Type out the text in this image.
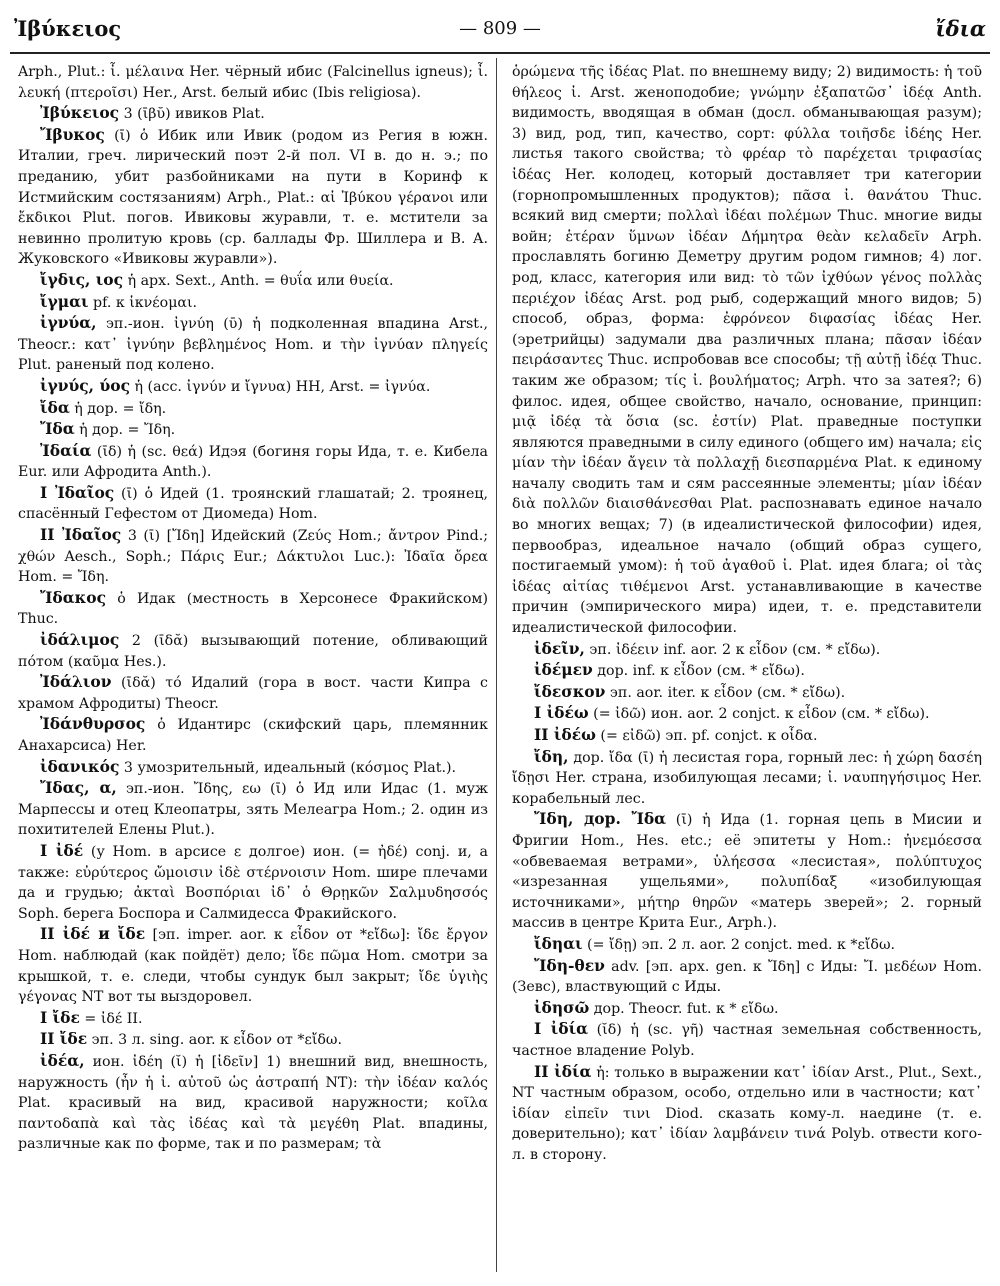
Ἰβύκειος	— 809 —	ἴδια

Arph., Plut.: ἶ. μέλαινα Her. чёрный ибис (Falcinellus igneus); ἶ. λευκή (πτεροῖσι) Her., Arst. белый ибис (Ibis religiosa).

Ἰβύκειος 3 (ῑβῠ) ивиков Plat.

Ἴβυκος (ῑ) ὁ Ибик или Ивик (родом из Регия в южн. Италии, греч. лирический поэт 2-й пол. VI в. до н. э.; по преданию, убит разбойниками на пути в Коринф к Истмийским состязаниям) Arph., Plat.: αἱ Ἰβύκου γέρανοι или ἔκδικοι Plut. погов. Ивиковы журавли, т. е. мстители за невинно пролитую кровь (ср. баллады Фр. Шиллера и В. А. Жуковского «Ивиковы журавли»).

ἴγδις, ιος ἡ арх. Sext., Anth. = θυΐα или θυεία.

ἴγμαι pf. к ἱκνέομαι.

ἰγνύα, эп.-ион. ἰγνύη (ῡ) ἡ подколенная впадина Arst., Theocr.: κατ᾽ ἰγνύην βεβλημένος Hom. и τὴν ἰγνύαν πληγείς Plut. раненый под колено.

ἰγνύς, ύος ἡ (асс. ἰγνύν и ἴγνυα) HH, Arst. = ἰγνύα.

ἴδα ἡ дор. = ἴδη.

Ἴδα ἡ дор. = Ἴδη.

Ἰδαία (ῑδ) ἡ (sc. θεά) Идэя (богиня горы Ида, т. е. Кибела Eur. или Афродита Anth.).

I Ἰδαῖος (ῑ) ὁ Идей (1. троянский глашатай; 2. троянец, спасённый Гефестом от Диомеда) Hom.

II Ἰδαῖος 3 (ῑ) [Ἴδη] Идейский (Ζεύς Hom.; ἄντρον Pind.; χθών Aesch., Soph.; Πάρις Eur.; Δάκτυλοι Luc.): Ἰδαῖα ὄρεα Hom. = Ἴδη.

Ἴδακος ὁ Идак (местность в Херсонесе Фракийском) Thuc.

ἰδάλιμος 2 (ῑδᾰ) вызывающий потение, обливающий пóтом (καῦμα Hes.).

Ἰδάλιον (ῑδᾰ) τό Идалий (гора в вост. части Кипра с храмом Афродиты) Theocr.

Ἰδάνθυρσος ὁ Идантирс (скифский царь, племянник Анахарсиса) Her.

ἰδανικός 3 умозрительный, идеальный (κόσμος Plat.).

Ἴδας, α, эп.-ион. Ἴδης, εω (ῑ) ὁ Ид или Идас (1. муж Марпессы и отец Клеопатры, зять Мелеагра Hom.; 2. один из похитителей Елены Plut.).

I ἰδέ (у Hom. в арсисе ε долгое) ион. (= ἠδέ) conj. и, а также: εὐρύτερος ὤμοισιν ἰδὲ στέρνοισιν Hom. шире плечами да и грудью; ἀκταὶ Βοσπόριαι ἰδ᾽ ὁ Θρῃκῶν Σαλμυδησσός Soph. берега Боспора и Салмидесса Фракийского.

II ἰδέ и ἴδε [эп. imper. aor. к εἶδον от *εἴδω]: ἴδε ἔργον Hom. наблюдай (как пойдёт) дело; ἴδε πῶμα Hom. смотри за крышкой, т. е. следи, чтобы сундук был закрыт; ἴδε ὑγιὴς γέγονας NT вот ты выздоровел.

I ἴδε = ἰδέ II.

II ἴδε эп. 3 л. sing. aor. к εἶδον от *εἴδω.

ἰδέα, ион. ἰδέη (ῐ) ἡ [ἰδεῖν] 1) внешний вид, внешность, наружность (ἦν ἡ ἰ. αὐτοῦ ὡς ἀστραπή NT): τὴν ἰδέαν καλός Plat. красивый на вид, красивой наружности; κοῖλα παντοδαπὰ καὶ τὰς ἰδέας καὶ τὰ μεγέθη Plat. впадины, различные как по форме, так и по размерам; τὰ

ὁρώμενα τῆς ἰδέας Plat. по внешнему виду; 2) видимость: ἡ τοῦ θήλεος ἰ. Arst. женоподобие; γνώμην ἐξαπατῶσ᾽ ἰδέᾳ Anth. видимость, вводящая в обман (досл. обманывающая разум); 3) вид, род, тип, качество, сорт: φύλλα τοιῆσδε ἰδέης Her. листья такого свойства; τὸ φρέαρ τὸ παρέχεται τριφασίας ἰδέας Her. колодец, который доставляет три категории (горнопромышленных продуктов); πᾶσα ἰ. θανάτου Thuc. всякий вид смерти; πολλαὶ ἰδέαι πολέμων Thuc. многие виды войн; ἑτέραν ὕμνων ἰδέαν Δήμητρα θεὰν κελαδεῖν Arph. прославлять богиню Деметру другим родом гимнов; 4) лог. род, класс, категория или вид: τὸ τῶν ἰχθύων γένος πολλὰς περιέχον ἰδέας Arst. род рыб, содержащий много видов; 5) способ, образ, форма: ἐφρόνεον διφασίας ἰδέας Her. (эретрийцы) задумали два различных плана; πᾶσαν ἰδέαν πειράσαντες Thuc. испробовав все способы; τῇ αὐτῇ ἰδέᾳ Thuc. таким же образом; τίς ἰ. βουλήματος; Arph. что за затея?; 6) филос. идея, общее свойство, начало, основание, принцип: μιᾷ ἰδέᾳ τὰ ὅσια (sc. ἐστίν) Plat. праведные поступки являются праведными в силу единого (общего им) начала; εἰς μίαν τὴν ἰδέαν ἄγειν τὰ πολλαχῇ διεσπαρμένα Plat. к единому началу сводить там и сям рассеянные элементы; μίαν ἰδέαν διὰ πολλῶν διαισθάνεσθαι Plat. распознавать единое начало во многих вещах; 7) (в идеалистической философии) идея, первообраз, идеальное начало (общий образ сущего, постигаемый умом): ἡ τοῦ ἀγαθοῦ ἰ. Plat. идея блага; οἱ τὰς ἰδέας αἰτίας τιθέμενοι Arst. устанавливающие в качестве причин (эмпирического мира) идеи, т. е. представители идеалистической философии.

ἰδεῖν, эп. ἰδέειν inf. aor. 2 к εἶδον (см. * εἴδω).

ἰδέμεν дор. inf. к εἶδον (см. * εἴδω).

ἴδεσκον эп. aor. iter. к εἶδον (см. * εἴδω).

I ἰδέω (= ἰδῶ) ион. aor. 2 conjct. к εἶδον (см. * εἴδω).

II ἰδέω (= εἰδῶ) эп. pf. conjct. к οἶδα.

ἴδη, дор. ἴδα (ῑ) ἡ лесистая гора, горный лес: ἡ χώρη δασέη ἴδῃσι Her. страна, изобилующая лесами; ἰ. ναυπηγήσιμος Her. корабельный лес.

Ἴδη, дор. Ἴδα (ῑ) ἡ Ида (1. горная цепь в Мисии и Фригии Hom., Hes. etc.; её эпитеты у Hom.: ἠνεμόεσσα «обвеваемая ветрами», ὑλήεσσα «лесистая», πολύπτυχος «изрезанная ущельями», πολυπίδαξ «изобилующая источниками», μήτηρ θηρῶν «матерь зверей»; 2. горный массив в центре Крита Eur., Arph.).

ἴδηαι (= ἴδῃ) эп. 2 л. aor. 2 conjct. med. к *εἴδω.

Ἴδη-θεν adv. [эп. арх. gen. к Ἴδη] с Иды: Ἴ. μεδέων Hom. (Зевс), властвующий с Иды.

ἰδησῶ дор. Theocr. fut. к * εἴδω.

I ἰδία (ῐδ) ἡ (sc. γῆ) частная земельная собственность, частное владение Polyb.

II ἰδία ἡ: только в выражении κατ᾽ ἰδίαν Arst., Plut., Sext., NT частным образом, особо, отдельно или в частности; κατ᾽ ἰδίαν εἰπεῖν τινι Diod. сказать кому-л. наедине (т. е. доверительно); κατ᾽ ἰδίαν λαμβάνειν τινά Polyb. отвести кого-л. в сторону.
